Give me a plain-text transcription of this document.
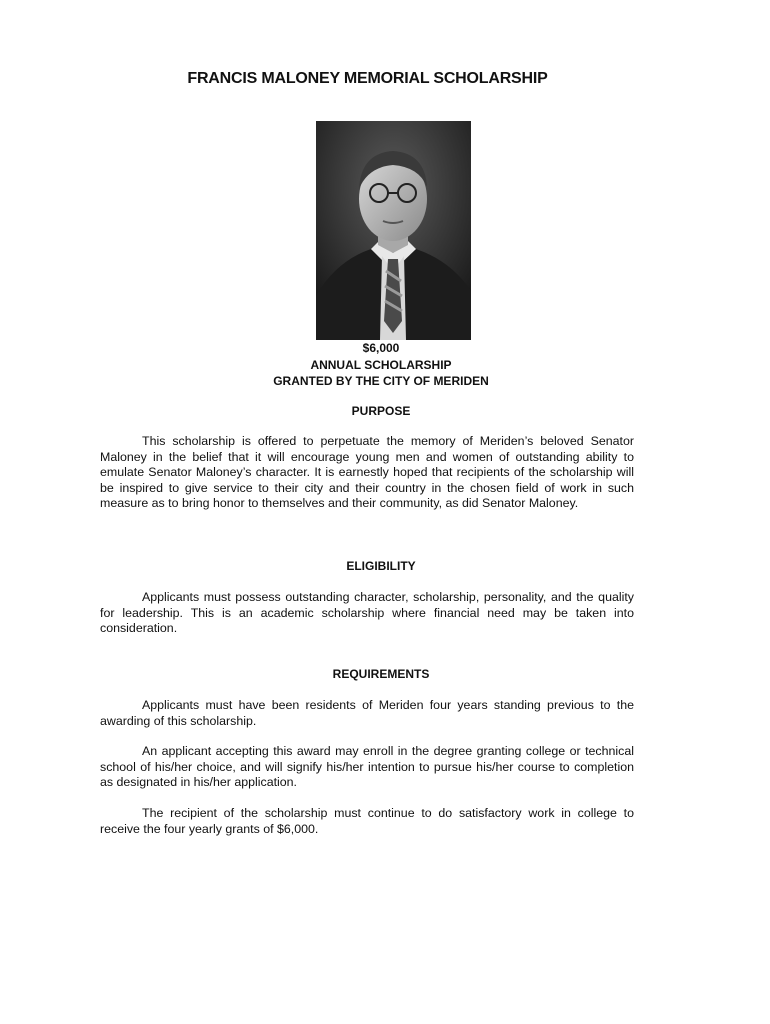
FRANCIS MALONEY MEMORIAL SCHOLARSHIP
$6,000
ANNUAL SCHOLARSHIP
GRANTED BY THE CITY OF MERIDEN
PURPOSE

This scholarship is offered to perpetuate the memory of Meriden’s beloved Senator Maloney in the belief that it will encourage young men and women of outstanding ability to emulate Senator Maloney’s character. It is earnestly hoped that recipients of the scholarship will be inspired to give service to their city and their country in the chosen field of work in such measure as to bring honor to themselves and their community, as did Senator Maloney.

ELIGIBILITY

Applicants must possess outstanding character, scholarship, personality, and the quality for leadership. This is an academic scholarship where financial need may be taken into consideration.

REQUIREMENTS

Applicants must have been residents of Meriden four years standing previous to the awarding of this scholarship.

An applicant accepting this award may enroll in the degree granting college or technical school of his/her choice, and will signify his/her intention to pursue his/her course to completion as designated in his/her application.

The recipient of the scholarship must continue to do satisfactory work in college to receive the four yearly grants of $6,000.
